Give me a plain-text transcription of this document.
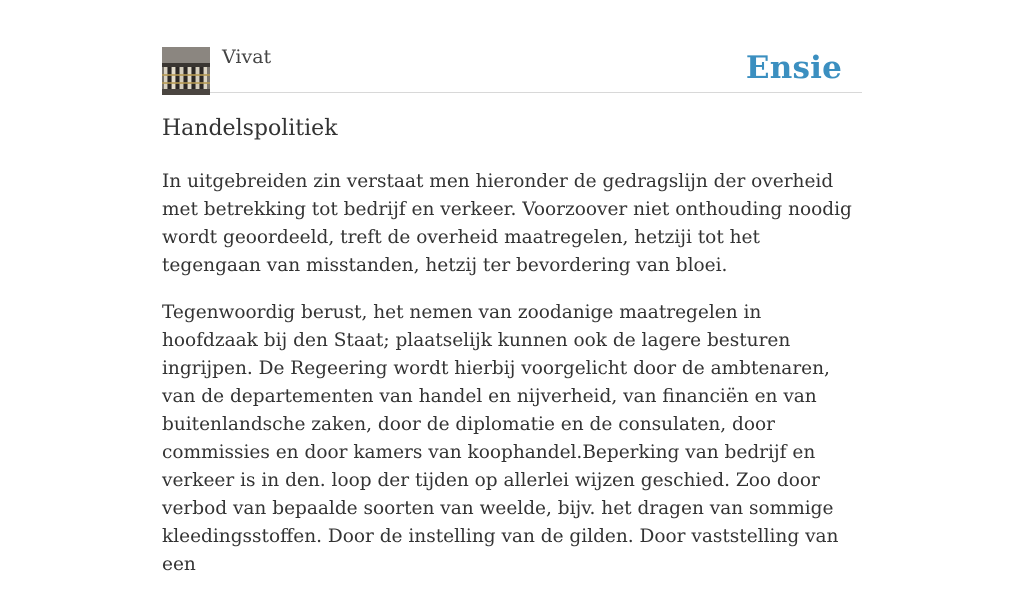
Vivat	Ensie
Handelspolitiek

In uitgebreiden zin verstaat men hieronder de gedragslijn der overheid met betrekking tot bedrijf en verkeer. Voorzoover niet onthouding noodig wordt geoordeeld, treft de overheid maatregelen, hetziji tot het tegengaan van misstanden, hetzij ter bevordering van bloei.

Tegenwoordig berust, het nemen van zoodanige maatregelen in hoofdzaak bij den Staat; plaatselijk kunnen ook de lagere besturen ingrijpen. De Regeering wordt hierbij voorgelicht door de ambtenaren, van de departementen van handel en nijverheid, van financiën en van buitenlandsche zaken, door de diplomatie en de consulaten, door commissies en door kamers van koophandel.Beperking van bedrijf en verkeer is in den. loop der tijden op allerlei wijzen geschied. Zoo door verbod van bepaalde soorten van weelde, bijv. het dragen van sommige kleedingsstoffen. Door de instelling van de gilden. Door vaststelling van een
